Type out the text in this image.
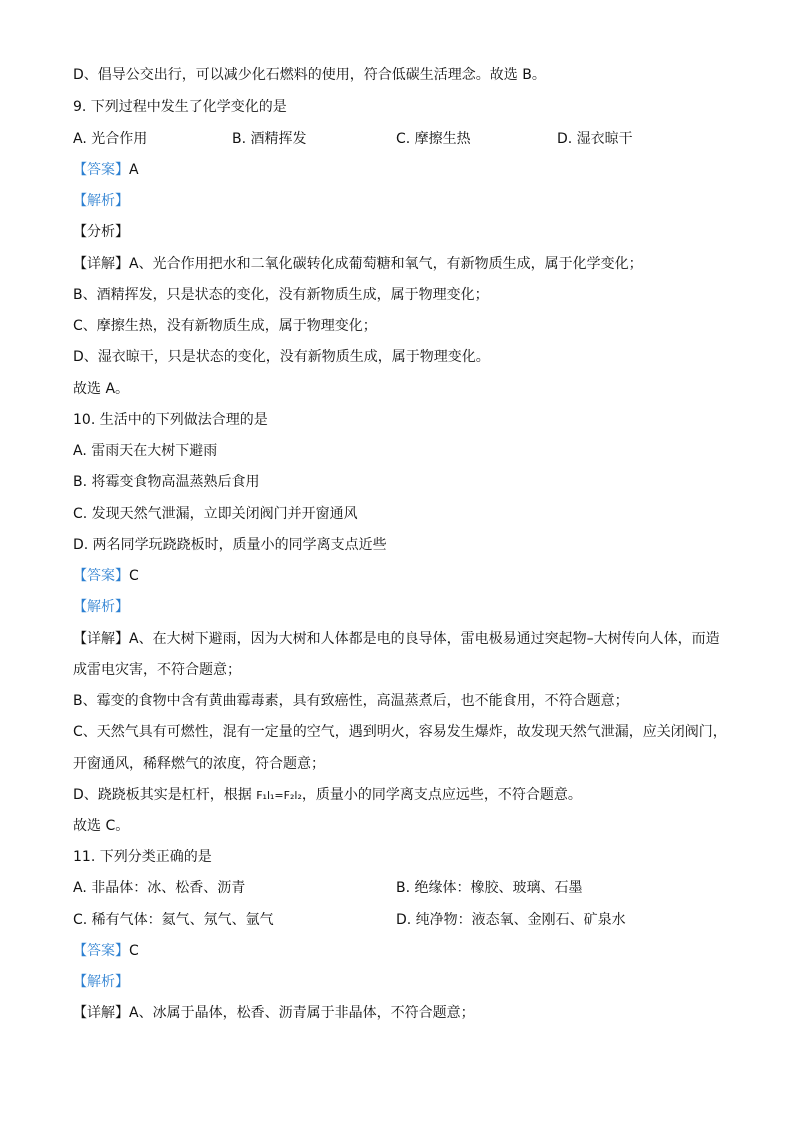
D、倡导公交出行，可以减少化石燃料的使用，符合低碳生活理念。故选 B。
9. 下列过程中发生了化学变化的是
A. 光合作用	B. 酒精挥发	C. 摩擦生热	D. 湿衣晾干
【答案】A
【解析】
【分析】
【详解】A、光合作用把水和二氧化碳转化成葡萄糖和氧气，有新物质生成，属于化学变化；
B、酒精挥发，只是状态的变化，没有新物质生成，属于物理变化；
C、摩擦生热，没有新物质生成，属于物理变化；
D、湿衣晾干，只是状态的变化，没有新物质生成，属于物理变化。
故选 A。
10. 生活中的下列做法合理的是
A. 雷雨天在大树下避雨
B. 将霉变食物高温蒸熟后食用
C. 发现天然气泄漏，立即关闭阀门并开窗通风
D. 两名同学玩跷跷板时，质量小的同学离支点近些
【答案】C
【解析】
【详解】A、在大树下避雨，因为大树和人体都是电的良导体，雷电极易通过突起物–大树传向人体，而造
成雷电灾害，不符合题意；
B、霉变的食物中含有黄曲霉毒素，具有致癌性，高温蒸煮后，也不能食用，不符合题意；
C、天然气具有可燃性，混有一定量的空气，遇到明火，容易发生爆炸，故发现天然气泄漏，应关闭阀门，
开窗通风，稀释燃气的浓度，符合题意；
D、跷跷板其实是杠杆，根据 F₁l₁=F₂l₂，质量小的同学离支点应远些，不符合题意。
故选 C。
11. 下列分类正确的是
A. 非晶体：冰、松香、沥青	B. 绝缘体：橡胶、玻璃、石墨
C. 稀有气体：氦气、氖气、氩气	D. 纯净物：液态氧、金刚石、矿泉水
【答案】C
【解析】
【详解】A、冰属于晶体，松香、沥青属于非晶体，不符合题意；
